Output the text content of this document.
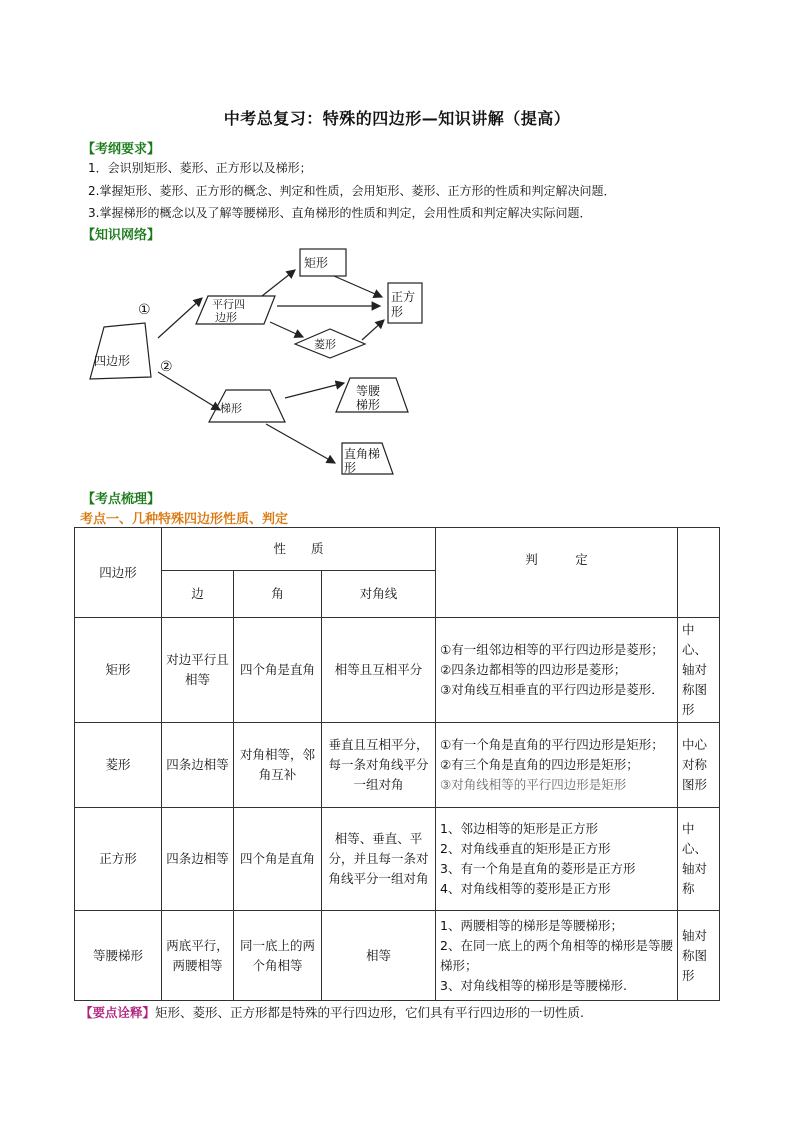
中考总复习：特殊的四边形—知识讲解（提高）
【考纲要求】
1．会识别矩形、菱形、正方形以及梯形；
2.掌握矩形、菱形、正方形的概念、判定和性质，会用矩形、菱形、正方形的性质和判定解决问题．
3.掌握梯形的概念以及了解等腰梯形、直角梯形的性质和判定，会用性质和判定解决实际问题．
【知识网络】
四边形
平行四
边形
矩形
正方
形
菱形
梯形
等腰
梯形
直角梯
形
①
②
【考点梳理】
考点一、几种特殊四边形性质、判定
四边形	性　　质			判　　　定	
	边	角	对角线		
矩形	对边平行且相等	四个角是直角	相等且互相平分	①有一组邻边相等的平行四边形是菱形；
②四条边都相等的四边形是菱形；
③对角线互相垂直的平行四边形是菱形．	中心、轴对称图形
菱形	四条边相等	对角相等，邻角互补	垂直且互相平分，每一条对角线平分一组对角	①有一个角是直角的平行四边形是矩形；
②有三个角是直角的四边形是矩形；
③对角线相等的平行四边形是矩形	中心对称图形
正方形	四条边相等	四个角是直角	相等、垂直、平分，并且每一条对角线平分一组对角	1、邻边相等的矩形是正方形
2、对角线垂直的矩形是正方形
3、有一个角是直角的菱形是正方形
4、对角线相等的菱形是正方形	中心、轴对称
等腰梯形	两底平行，两腰相等	同一底上的两个角相等	相等	1、两腰相等的梯形是等腰梯形；
2、在同一底上的两个角相等的梯形是等腰梯形；
3、对角线相等的梯形是等腰梯形.	轴对称图形
【要点诠释】矩形、菱形、正方形都是特殊的平行四边形，它们具有平行四边形的一切性质.
